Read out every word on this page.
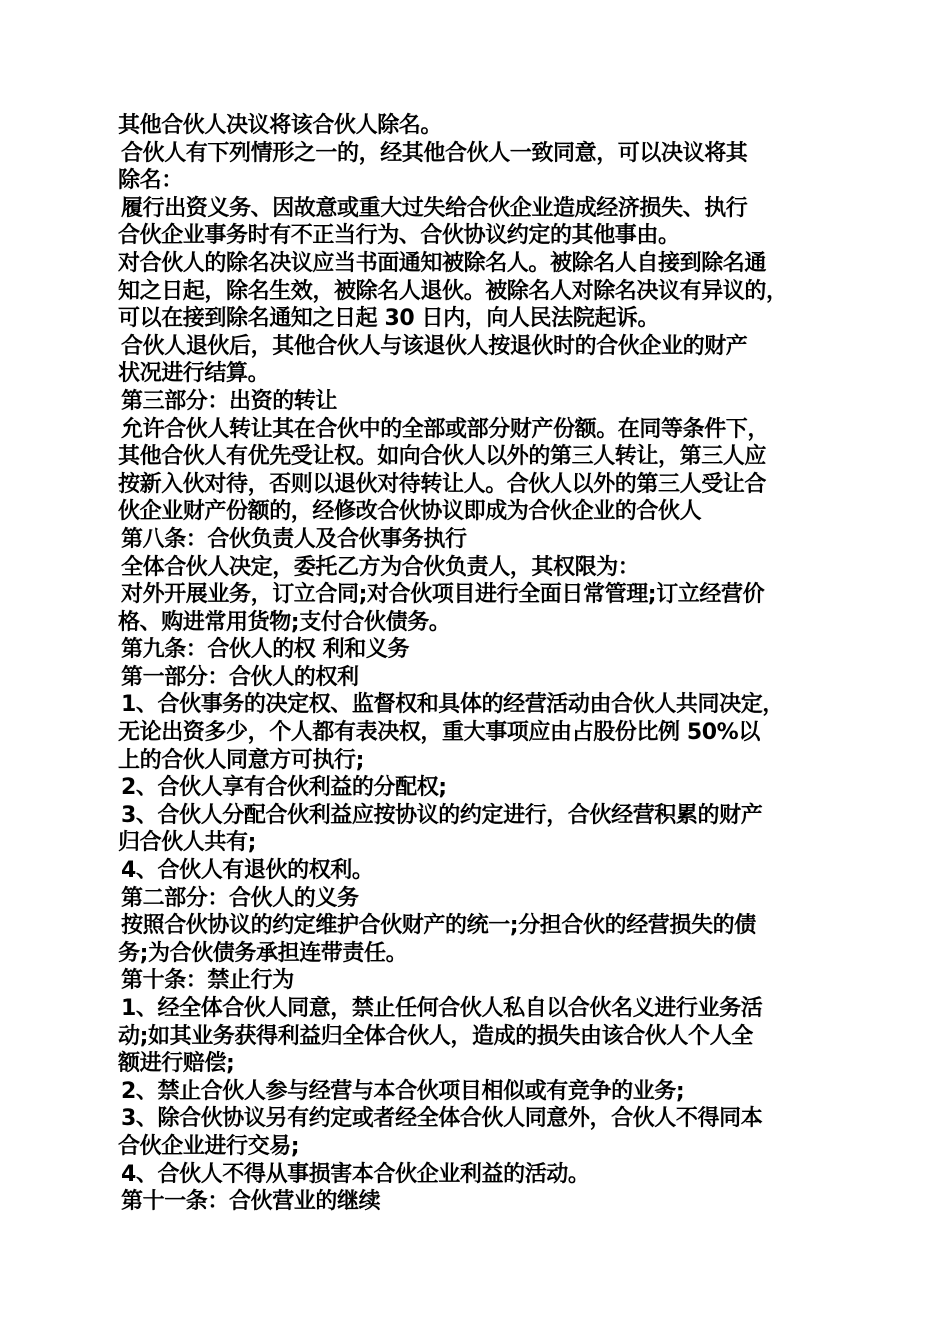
其他合伙人决议将该合伙人除名。
合伙人有下列情形之一的，经其他合伙人一致同意，可以决议将其
除名：
履行出资义务、因故意或重大过失给合伙企业造成经济损失、执行
合伙企业事务时有不正当行为、合伙协议约定的其他事由。
对合伙人的除名决议应当书面通知被除名人。被除名人自接到除名通
知之日起，除名生效，被除名人退伙。被除名人对除名决议有异议的，
可以在接到除名通知之日起 30 日内，向人民法院起诉。
合伙人退伙后，其他合伙人与该退伙人按退伙时的合伙企业的财产
状况进行结算。
第三部分：出资的转让
允许合伙人转让其在合伙中的全部或部分财产份额。在同等条件下，
其他合伙人有优先受让权。如向合伙人以外的第三人转让，第三人应
按新入伙对待，否则以退伙对待转让人。合伙人以外的第三人受让合
伙企业财产份额的，经修改合伙协议即成为合伙企业的合伙人
第八条：合伙负责人及合伙事务执行
全体合伙人决定，委托乙方为合伙负责人，其权限为：
对外开展业务，订立合同;对合伙项目进行全面日常管理;订立经营价
格、购进常用货物;支付合伙债务。
第九条：合伙人的权 利和义务
第一部分：合伙人的权利
1、合伙事务的决定权、监督权和具体的经营活动由合伙人共同决定，
无论出资多少，个人都有表决权，重大事项应由占股份比例 50%以
上的合伙人同意方可执行;
2、合伙人享有合伙利益的分配权;
3、合伙人分配合伙利益应按协议的约定进行，合伙经营积累的财产
归合伙人共有;
4、合伙人有退伙的权利。
第二部分：合伙人的义务
按照合伙协议的约定维护合伙财产的统一;分担合伙的经营损失的债
务;为合伙债务承担连带责任。
第十条：禁止行为
1、经全体合伙人同意，禁止任何合伙人私自以合伙名义进行业务活
动;如其业务获得利益归全体合伙人，造成的损失由该合伙人个人全
额进行赔偿;
2、禁止合伙人参与经营与本合伙项目相似或有竞争的业务;
3、除合伙协议另有约定或者经全体合伙人同意外，合伙人不得同本
合伙企业进行交易;
4、合伙人不得从事损害本合伙企业利益的活动。
第十一条：合伙营业的继续
